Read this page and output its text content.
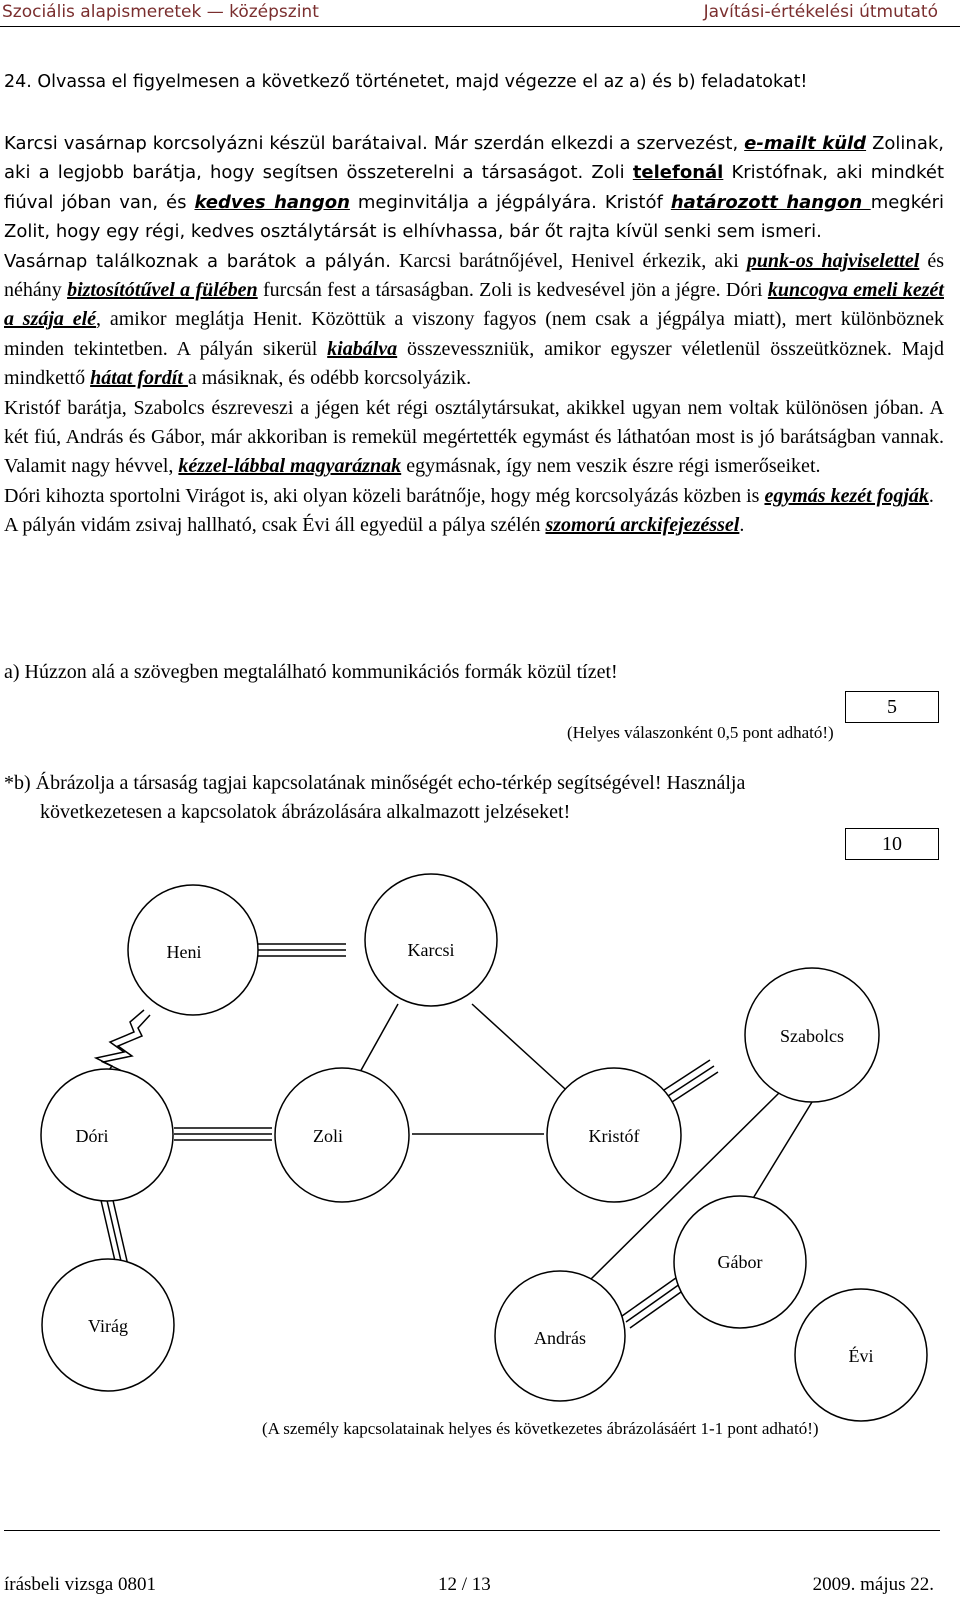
Szociális alapismeretek — középszint	Javítási-értékelési útmutató
24. Olvassa el figyelmesen a következő történetet, majd végezze el az a) és b) feladatokat!

Karcsi vasárnap korcsolyázni készül barátaival. Már szerdán elkezdi a szervezést, e-mailt küld Zolinak, aki a legjobb barátja, hogy segítsen összeterelni a társaságot. Zoli telefonál Kristófnak, aki mindkét fiúval jóban van, és kedves hangon meginvitálja a jégpályára. Kristóf határozott hangon megkéri Zolit, hogy egy régi, kedves osztálytársát is elhívhassa, bár őt rajta kívül senki sem ismeri.

Vasárnap találkoznak a barátok a pályán. Karcsi barátnőjével, Henivel érkezik, aki punk-os hajviselettel és néhány biztosítótűvel a fülében furcsán fest a társaságban. Zoli is kedvesével jön a jégre. Dóri kuncogva emeli kezét a szája elé, amikor meglátja Henit. Közöttük a viszony fagyos (nem csak a jégpálya miatt), mert különböznek minden tekintetben. A pályán sikerül kiabálva összevesszniük, amikor egyszer véletlenül összeütköznek. Majd mindkettő hátat fordít a másiknak, és odébb korcsolyázik.

Kristóf barátja, Szabolcs észreveszi a jégen két régi osztálytársukat, akikkel ugyan nem voltak különösen jóban. A két fiú, András és Gábor, már akkoriban is remekül megértették egymást és láthatóan most is jó barátságban vannak. Valamit nagy hévvel, kézzel-lábbal magyaráznak egymásnak, így nem veszik észre régi ismerőseiket.

Dóri kihozta sportolni Virágot is, aki olyan közeli barátnője, hogy még korcsolyázás közben is egymás kezét fogják.

A pályán vidám zsivaj hallható, csak Évi áll egyedül a pálya szélén szomorú arckifejezéssel.

a) Húzzon alá a szövegben megtalálható kommunikációs formák közül tízet!
5
(Helyes válaszonként 0,5 pont adható!)
*b) Ábrázolja a társaság tagjai kapcsolatának minőségét echo-térkép segítségével! Használja
következetesen a kapcsolatok ábrázolására alkalmazott jelzéseket!
10
Heni	Karcsi
Szabolcs
Dóri	Zoli	Kristóf
Gábor
Virág
András
Évi
(A személy kapcsolatainak helyes és következetes ábrázolásáért 1-1 pont adható!)
írásbeli vizsga 0801	12 / 13	2009. május 22.
